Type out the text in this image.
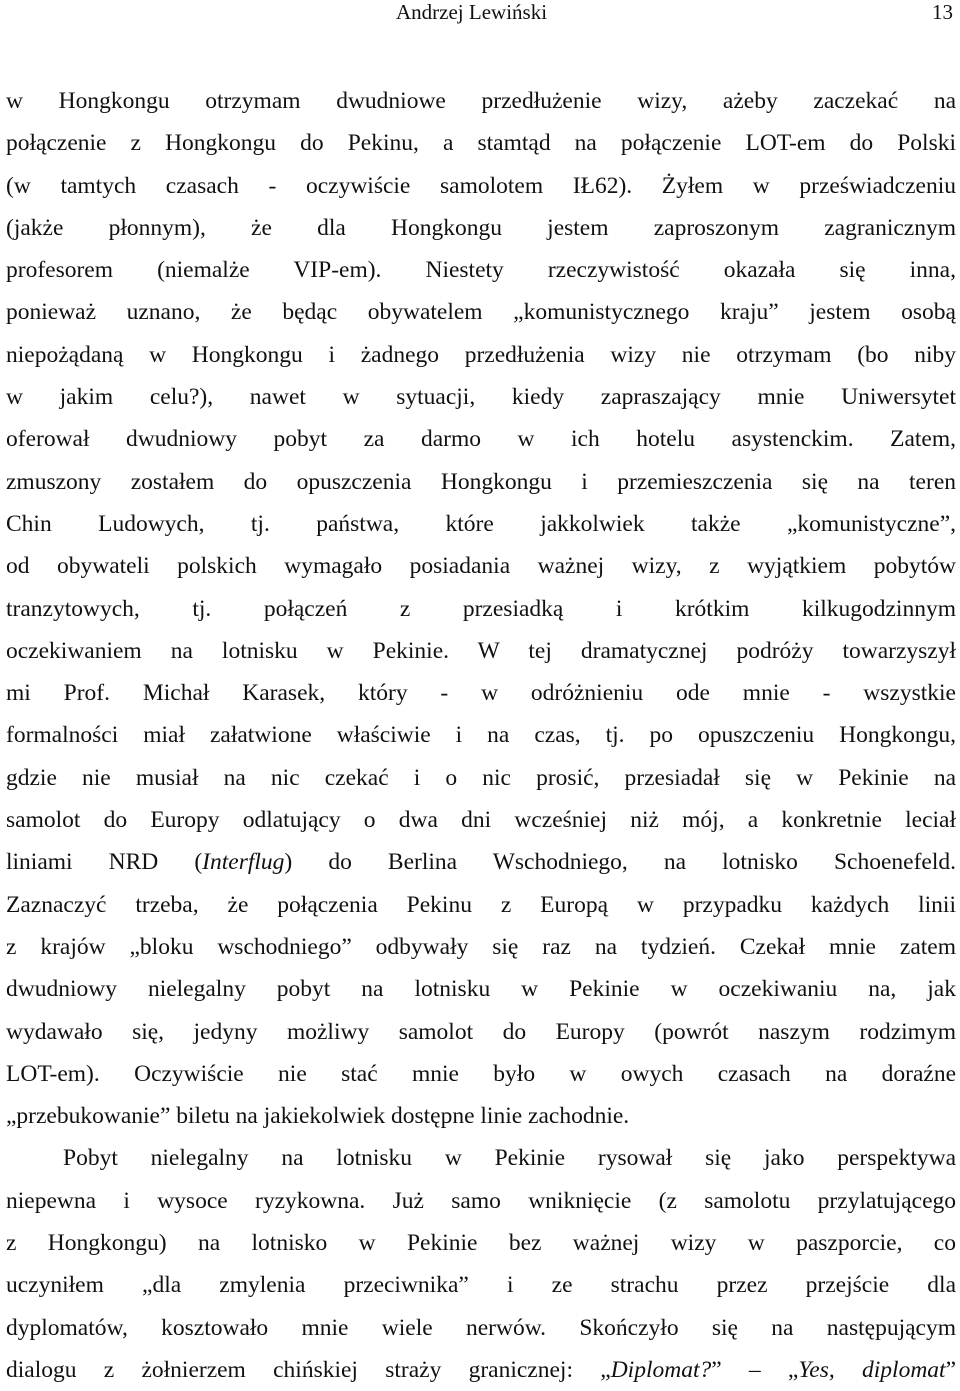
Andrzej Lewiński	13
w Hongkongu otrzymam dwudniowe przedłużenie wizy, ażeby zaczekać na
połączenie z Hongkongu do Pekinu, a stamtąd na połączenie LOT-em do Polski
(w tamtych czasach - oczywiście samolotem IŁ62). Żyłem w przeświadczeniu
(jakże płonnym), że dla Hongkongu jestem zaproszonym zagranicznym
profesorem (niemalże VIP-em). Niestety rzeczywistość okazała się inna,
ponieważ uznano, że będąc obywatelem „komunistycznego kraju” jestem osobą
niepożądaną w Hongkongu i żadnego przedłużenia wizy nie otrzymam (bo niby
w jakim celu?), nawet w sytuacji, kiedy zapraszający mnie Uniwersytet
oferował dwudniowy pobyt za darmo w ich hotelu asystenckim. Zatem,
zmuszony zostałem do opuszczenia Hongkongu i przemieszczenia się na teren
Chin Ludowych, tj. państwa, które jakkolwiek także „komunistyczne”,
od obywateli polskich wymagało posiadania ważnej wizy, z wyjątkiem pobytów
tranzytowych, tj. połączeń z przesiadką i krótkim kilkugodzinnym
oczekiwaniem na lotnisku w Pekinie. W tej dramatycznej podróży towarzyszył
mi Prof. Michał Karasek, który - w odróżnieniu ode mnie - wszystkie
formalności miał załatwione właściwie i na czas, tj. po opuszczeniu Hongkongu,
gdzie nie musiał na nic czekać i o nic prosić, przesiadał się w Pekinie na
samolot do Europy odlatujący o dwa dni wcześniej niż mój, a konkretnie leciał
liniami NRD (Interflug) do Berlina Wschodniego, na lotnisko Schoenefeld.
Zaznaczyć trzeba, że połączenia Pekinu z Europą w przypadku każdych linii
z krajów „bloku wschodniego” odbywały się raz na tydzień. Czekał mnie zatem
dwudniowy nielegalny pobyt na lotnisku w Pekinie w oczekiwaniu na, jak
wydawało się, jedyny możliwy samolot do Europy (powrót naszym rodzimym
LOT-em). Oczywiście nie stać mnie było w owych czasach na doraźne
„przebukowanie” biletu na jakiekolwiek dostępne linie zachodnie.
Pobyt nielegalny na lotnisku w Pekinie rysował się jako perspektywa
niepewna i wysoce ryzykowna. Już samo wniknięcie (z samolotu przylatującego
z Hongkongu) na lotnisko w Pekinie bez ważnej wizy w paszporcie, co
uczyniłem „dla zmylenia przeciwnika” i ze strachu przez przejście dla
dyplomatów, kosztowało mnie wiele nerwów. Skończyło się na następującym
dialogu z żołnierzem chińskiej straży granicznej: „Diplomat?” – „Yes, diplomat”
